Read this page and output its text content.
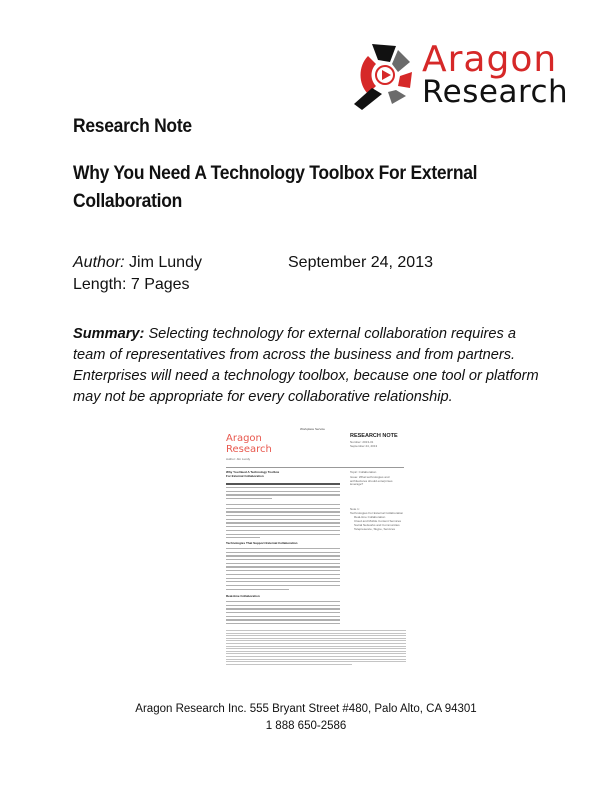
Aragon
Research
Research Note
Why You Need A Technology Toolbox For External Collaboration
Author: Jim Lundy
Length: 7 Pages
September 24, 2013
Summary: Selecting technology for external collaboration requires a team of representatives from across the business and from partners. Enterprises will need a technology toolbox, because one tool or platform may not be appropriate for every collaborative relationship.
Workplace Service
Aragon
Research
RESEARCH NOTE
Number: 2013-31
September 24, 2013
Author: Jim Lundy
Why You Need A Technology Toolbox
For External Collaboration
Topic: Collaboration
Issue: What technologies and architectures should enterprises leverage?
Note 1:
Technologies For External Collaboration
Real-time Collaboration
Cloud and Mobile Content Services
Social Networks and Communities
Telepresence, Skype, Services
Technologies That Support External Collaboration
Real-time Collaboration
Aragon Research Inc. 555 Bryant Street #480, Palo Alto, CA 94301
1 888 650-2586
